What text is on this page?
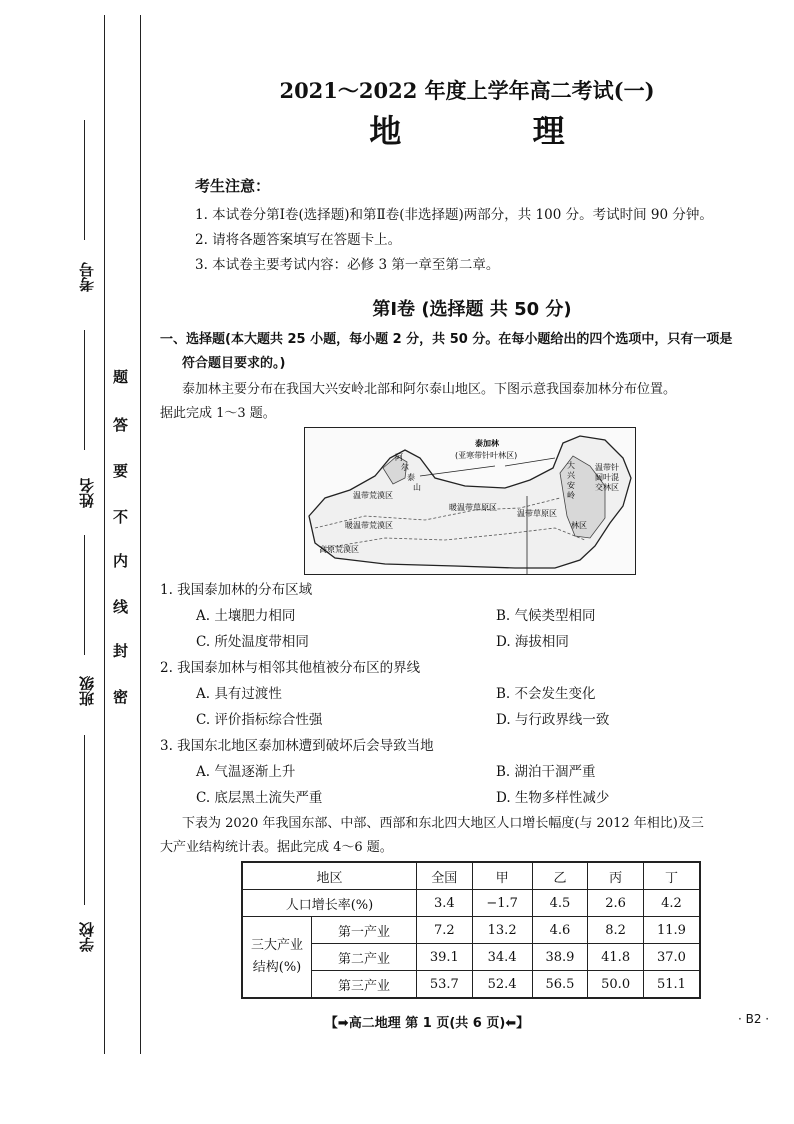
考号
姓名
班级
学校
密
封
线
内
不
要
答
题
2021～2022 年度上学年高二考试(一)
地 理
考生注意：
1. 本试卷分第Ⅰ卷(选择题)和第Ⅱ卷(非选择题)两部分，共 100 分。考试时间 90 分钟。
2. 请将各题答案填写在答题卡上。
3. 本试卷主要考试内容：必修 3 第一章至第二章。
第Ⅰ卷 (选择题 共 50 分)
一、选择题(本大题共 25 小题，每小题 2 分，共 50 分。在每小题给出的四个选项中，只有一项是
符合题目要求的。)
泰加林主要分布在我国大兴安岭北部和阿尔泰山地区。下图示意我国泰加林分布位置。
据此完成 1～3 题。
泰加林
(亚寒带针叶林区)
阿
尔
泰
山
大
兴
安
岭
温带针
阔叶混
交林区
温带荒漠区
温带草原区
暖温带荒漠区
暖温带草原区
林区
高原荒漠区
1. 我国泰加林的分布区域
A. 土壤肥力相同	B. 气候类型相同
C. 所处温度带相同	D. 海拔相同
2. 我国泰加林与相邻其他植被分布区的界线
A. 具有过渡性	B. 不会发生变化
C. 评价指标综合性强	D. 与行政界线一致
3. 我国东北地区泰加林遭到破坏后会导致当地
A. 气温逐渐上升	B. 湖泊干涸严重
C. 底层黑土流失严重	D. 生物多样性减少
下表为 2020 年我国东部、中部、西部和东北四大地区人口增长幅度(与 2012 年相比)及三
大产业结构统计表。据此完成 4～6 题。
地区		全国	甲	乙	丙	丁
人口增长率(%)		3.4	−1.7	4.5	2.6	4.2

三大产业
结构(%)	第一产业	7.2	13.2	4.6	8.2	11.9
	第二产业	39.1	34.4	38.9	41.8	37.0
	第三产业	53.7	52.4	56.5	50.0	51.1
【➡高二地理 第 1 页(共 6 页)⬅】	· B2 ·
